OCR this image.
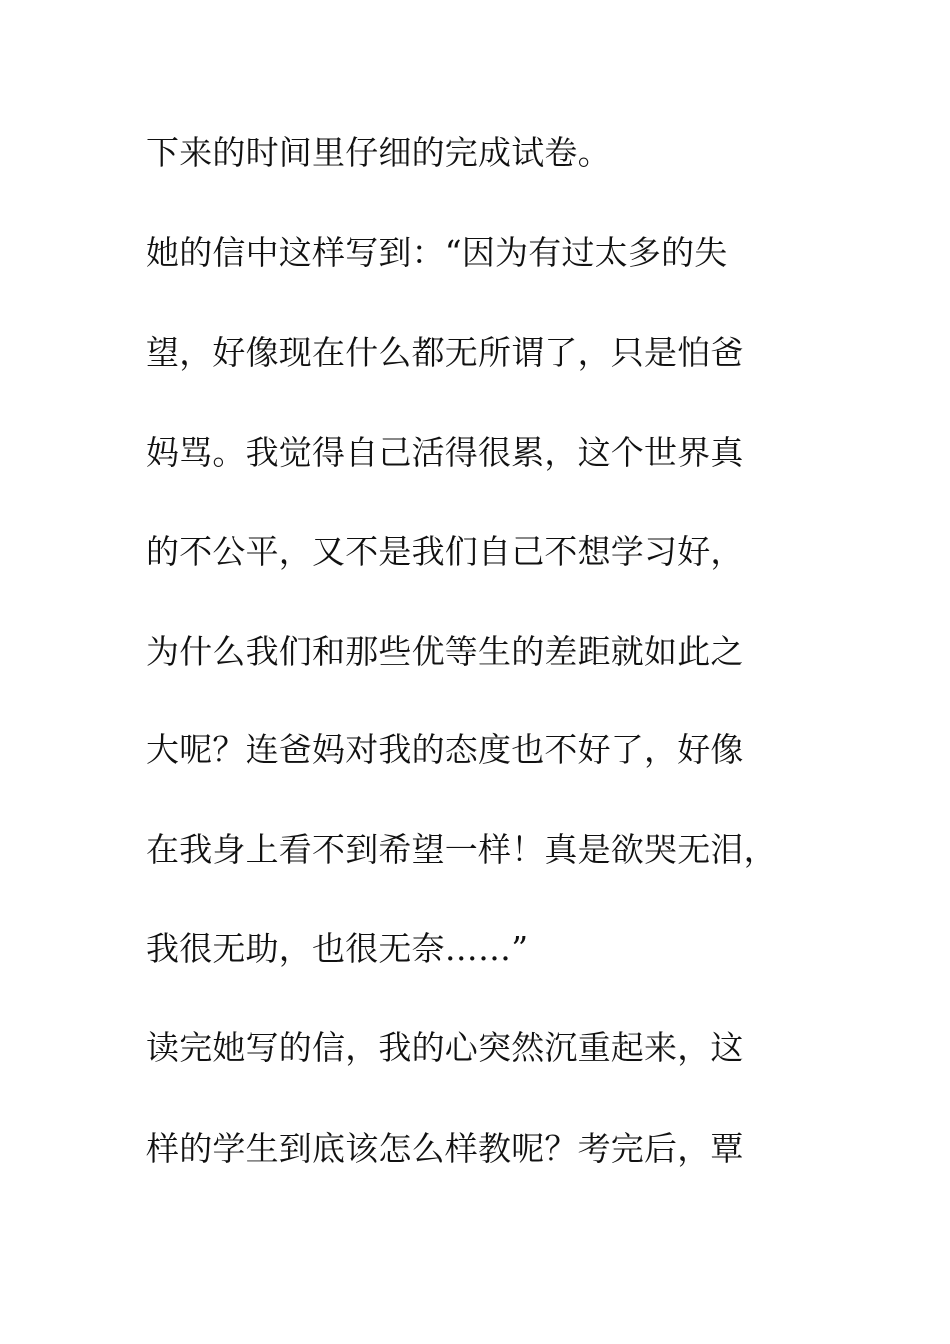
下来的时间里仔细的完成试卷。
她的信中这样写到：“因为有过太多的失
望，好像现在什么都无所谓了，只是怕爸
妈骂。我觉得自己活得很累，这个世界真
的不公平，又不是我们自己不想学习好，
为什么我们和那些优等生的差距就如此之
大呢？连爸妈对我的态度也不好了，好像
在我身上看不到希望一样！真是欲哭无泪，
我很无助，也很无奈……”
读完她写的信，我的心突然沉重起来，这
样的学生到底该怎么样教呢？考完后，覃
